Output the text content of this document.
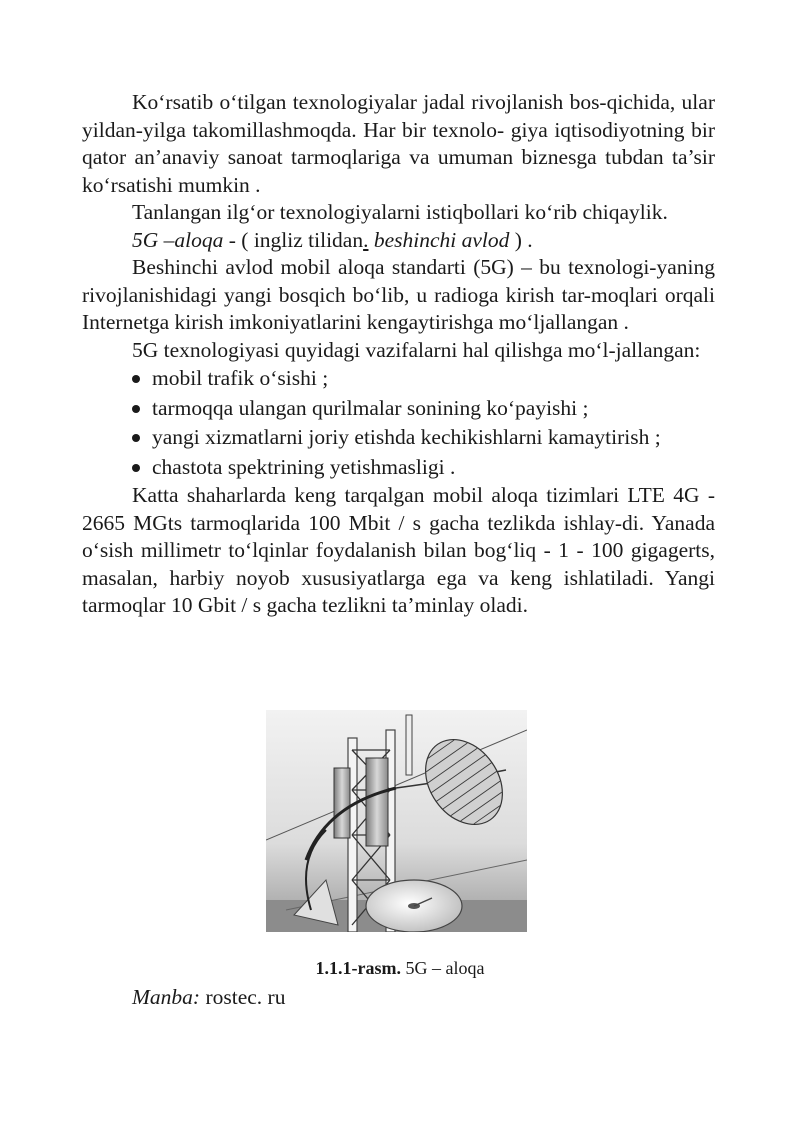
Ko‘rsatib o‘tilgan texnologiyalar jadal rivojlanish bos-qichida, ular yildan-yilga takomillashmoqda. Har bir texnolo- giya iqtisodiyotning bir qator an’anaviy sanoat tarmoqlariga va umuman biznesga tubdan ta’sir ko‘rsatishi mumkin .

Tanlangan ilg‘or texnologiyalarni istiqbollari ko‘rib chiqaylik.

5G –aloqa - ( ingliz tilidan. beshinchi avlod ) .

Beshinchi avlod mobil aloqa standarti (5G) – bu texnologi-yaning rivojlanishidagi yangi bosqich bo‘lib, u radioga kirish tar-moqlari orqali Internetga kirish imkoniyatlarini kengaytirishga mo‘ljallangan .

5G texnologiyasi quyidagi vazifalarni hal qilishga mo‘l-jallangan:

mobil trafik o‘sishi ;
tarmoqqa ulangan qurilmalar sonining ko‘payishi ;
yangi xizmatlarni joriy etishda kechikishlarni kamaytirish ;
chastota spektrining yetishmasligi .

Katta shaharlarda keng tarqalgan mobil aloqa tizimlari LTE 4G - 2665 MGts tarmoqlarida 100 Mbit / s gacha tezlikda ishlay-di. Yanada o‘sish millimetr to‘lqinlar foydalanish bilan bog‘liq - 1 - 100 gigagerts, masalan, harbiy noyob xususiyatlarga ega va keng ishlatiladi. Yangi tarmoqlar 10 Gbit / s gacha tezlikni ta’minlay oladi.

1.1.1-rasm. 5G – aloqa
Manba: rostec. ru
